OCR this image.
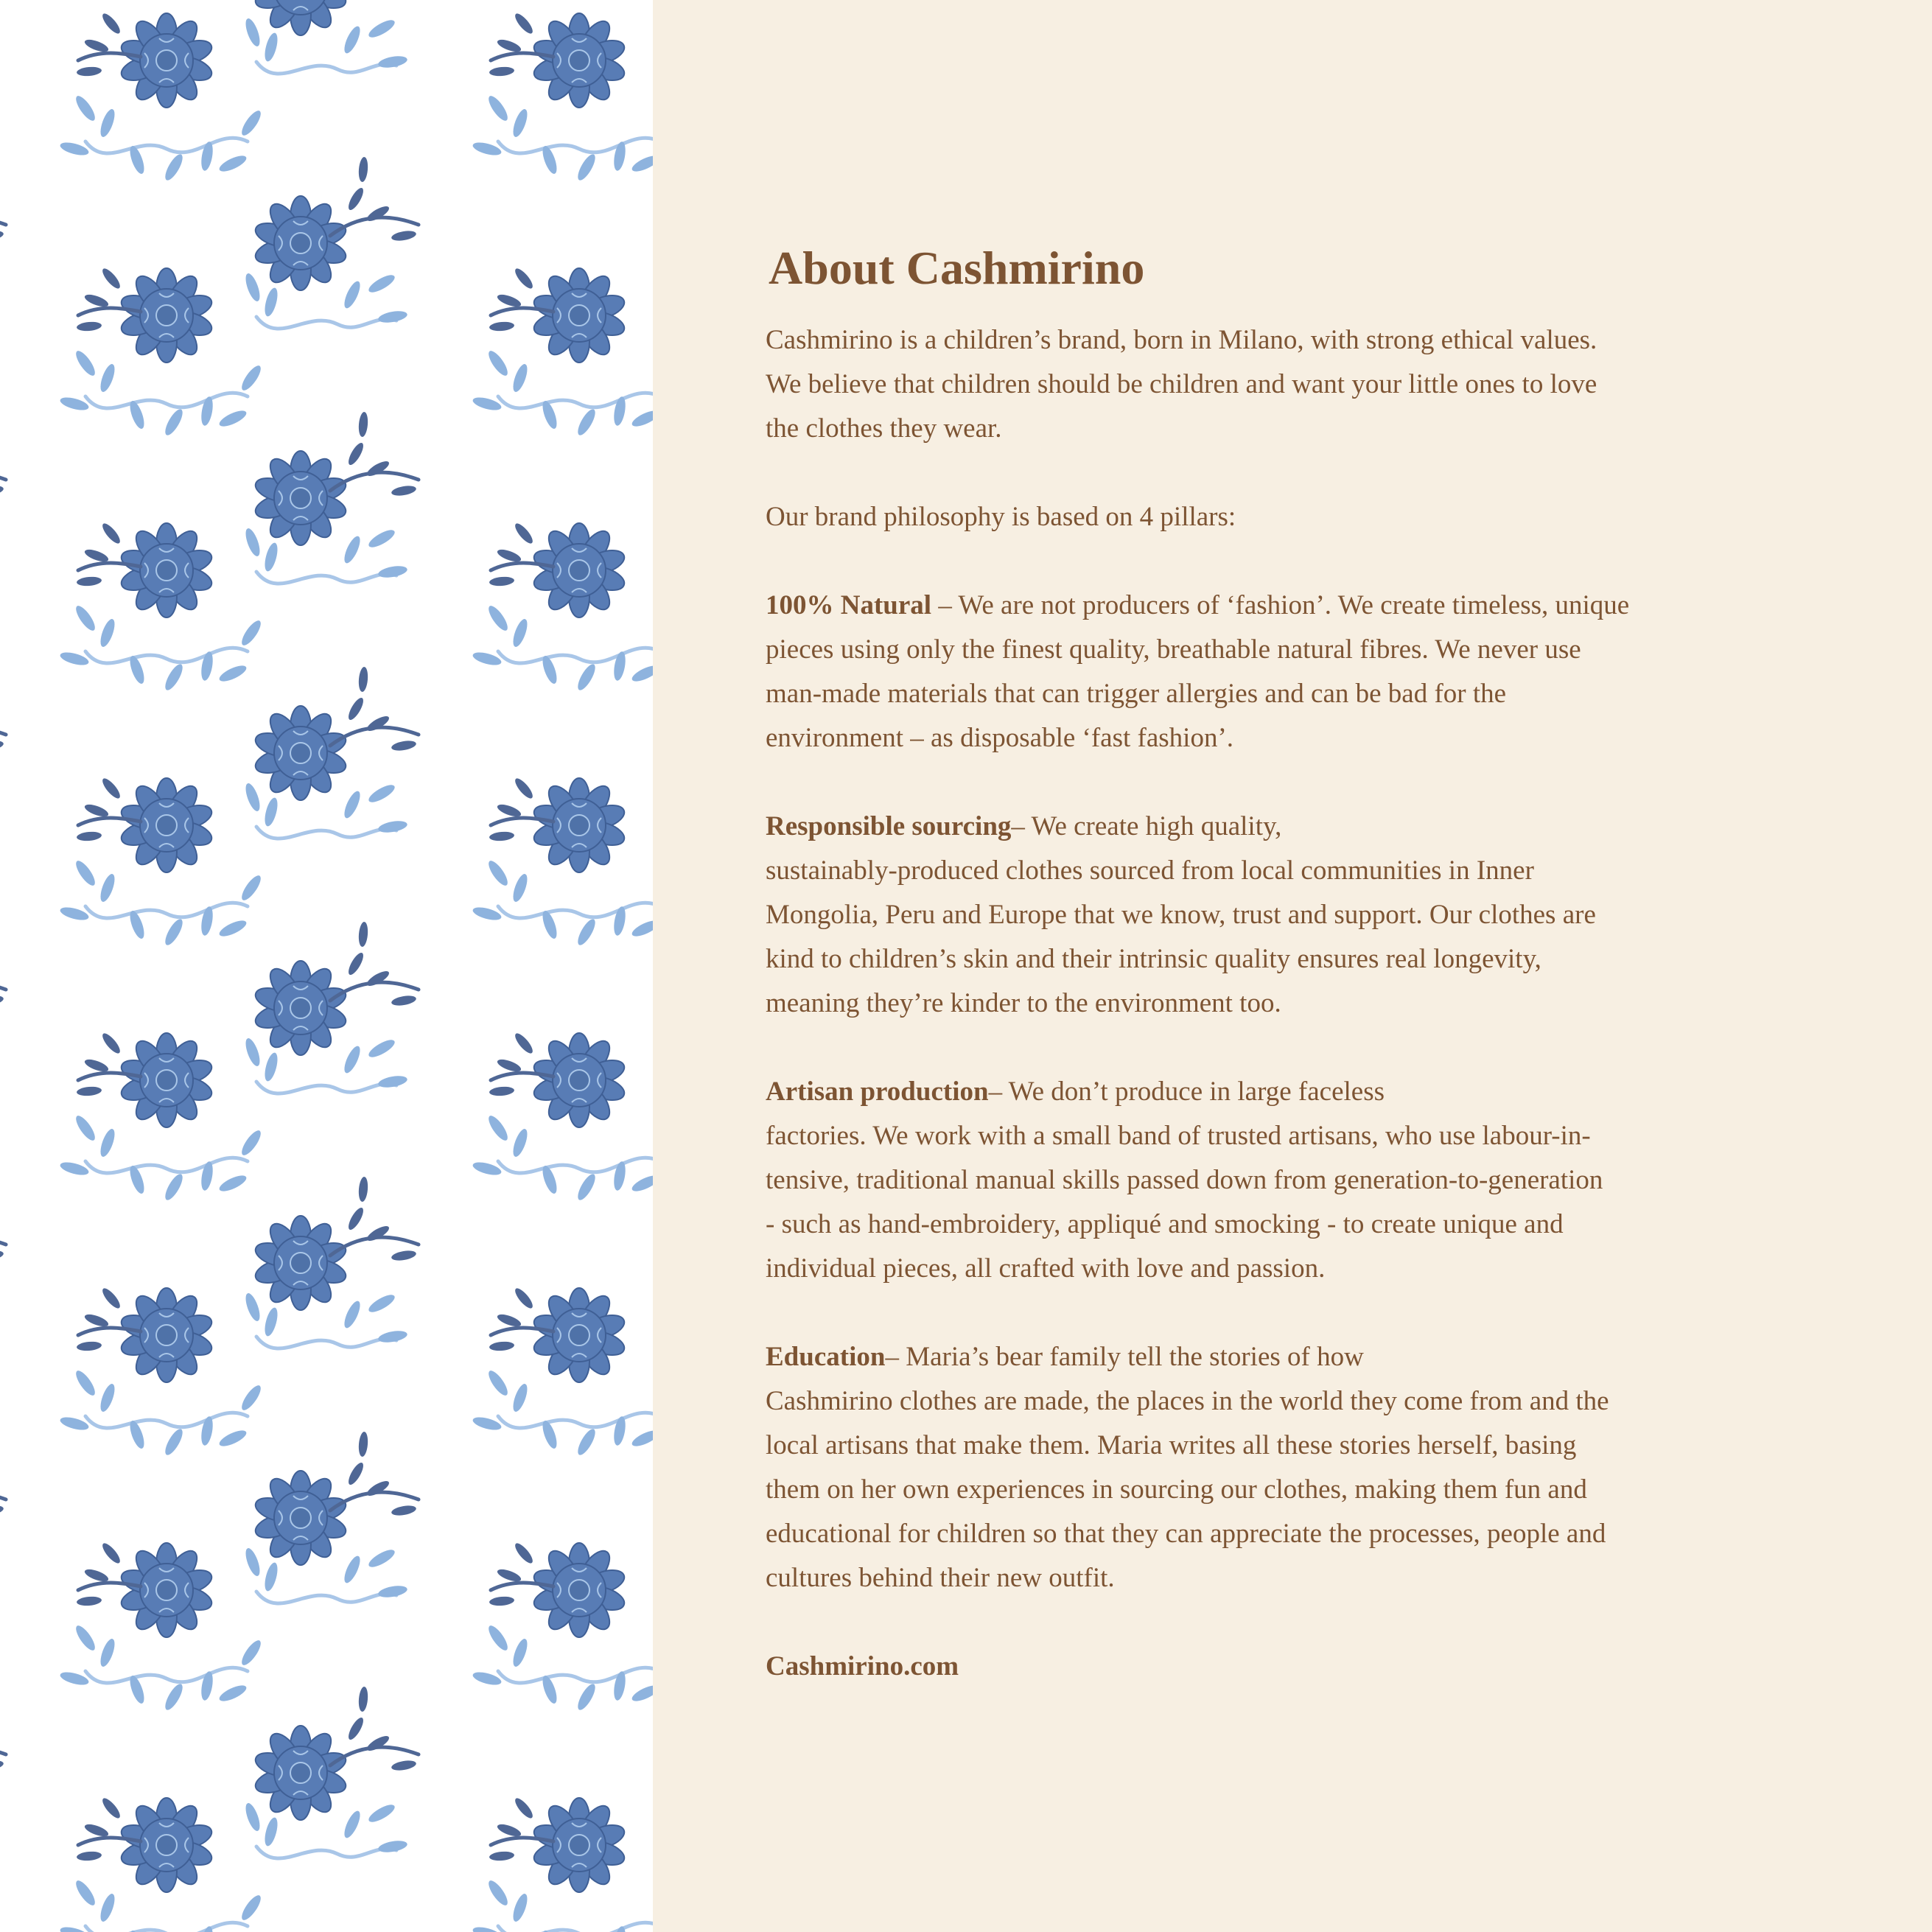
About Cashmirino

Cashmirino is a children’s brand, born in Milano, with strong ethical values.
We believe that children should be children and want your little ones to love
the clothes they wear.

Our brand philosophy is based on 4 pillars:

100% Natural – We are not producers of ‘fashion’. We create timeless, unique
pieces using only the finest quality, breathable natural fibres. We never use
man-made materials that can trigger allergies and can be bad for the
environment – as disposable ‘fast fashion’.

Responsible sourcing– We create high quality,
sustainably-produced clothes sourced from local communities in Inner
Mongolia, Peru and Europe that we know, trust and support. Our clothes are
kind to children’s skin and their intrinsic quality ensures real longevity,
meaning they’re kinder to the environment too.

Artisan production– We don’t produce in large faceless
factories. We work with a small band of trusted artisans, who use labour-in-
tensive, traditional manual skills passed down from generation-to-generation
- such as hand-embroidery, appliqué and smocking - to create unique and
individual pieces, all crafted with love and passion.

Education– Maria’s bear family tell the stories of how
Cashmirino clothes are made, the places in the world they come from and the
local artisans that make them. Maria writes all these stories herself, basing
them on her own experiences in sourcing our clothes, making them fun and
educational for children so that they can appreciate the processes, people and
cultures behind their new outfit.

Cashmirino.com
